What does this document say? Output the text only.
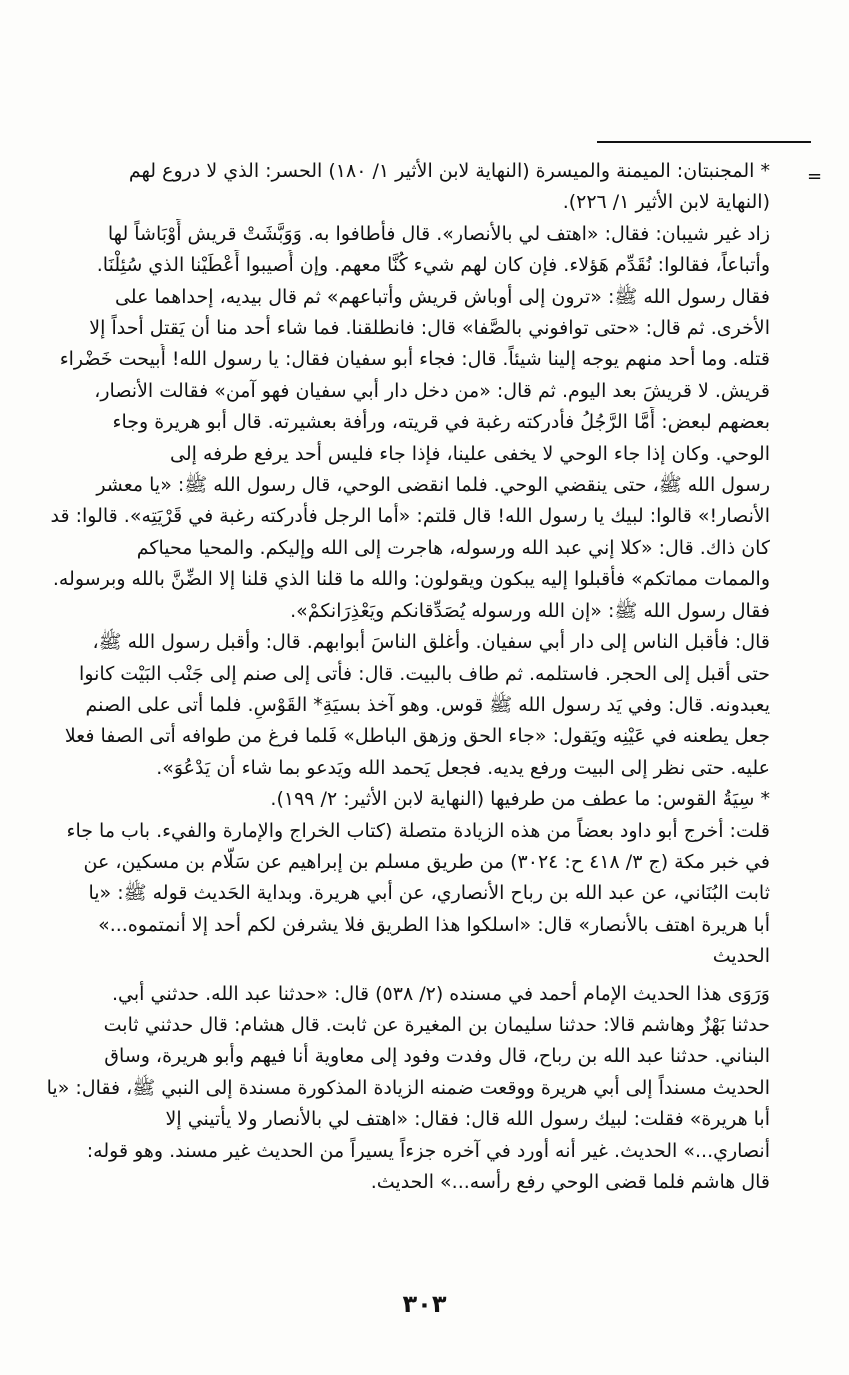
=
* المجنبتان: الميمنة والميسرة (النهاية لابن الأثير ١/ ١٨٠) الحسر: الذي لا دروع لهم
(النهاية لابن الأثير ١/ ٢٢٦).
زاد غير شيبان: فقال: «اهتف لي بالأنصار». قال فأطافوا به. وَوَبَّشَتْ قريش أَوْبَاشاً لها
وأتباعاً، فقالوا: نُقَدِّم هَؤلاء. فإن كان لهم شيء كُنَّا معهم. وإن أُصيبوا أَعْطَيْنا الذي سُئِلْنَا.
فقال رسول الله ﷺ: «ترون إلى أوباش قريش وأتباعهم» ثم قال بيديه، إحداهما على
الأخرى. ثم قال: «حتى توافوني بالصَّفا» قال: فانطلقنا. فما شاء أحد منا أن يَقتل أحداً إلا
قتله. وما أحد منهم يوجه إلينا شيئاً. قال: فجاء أبو سفيان فقال: يا رسول الله! أُبيحت خَضْراء
قريش. لا قريشَ بعد اليوم. ثم قال: «من دخل دار أبي سفيان فهو آمن» فقالت الأنصار،
بعضهم لبعض: أَمَّا الرَّجُلُ فأدركته رغبة في قريته، ورأفة بعشيرته. قال أبو هريرة وجاء
الوحي. وكان إذا جاء الوحي لا يخفى علينا، فإذا جاء فليس أحد يرفع طرفه إلى
رسول الله ﷺ، حتى ينقضي الوحي. فلما انقضى الوحي، قال رسول الله ﷺ: «يا معشر
الأنصار!» قالوا: لبيك يا رسول الله! قال قلتم: «أما الرجل فأدركته رغبة في قَرْيَتِه». قالوا: قد
كان ذاك. قال: «كلا إني عبد الله ورسوله، هاجرت إلى الله وإليكم. والمحيا محياكم
والممات مماتكم» فأقبلوا إليه يبكون ويقولون: والله ما قلنا الذي قلنا إلا الضِّنَّ بالله وبرسوله.
فقال رسول الله ﷺ: «إن الله ورسوله يُصَدِّقانكم ويَعْذِرَانكمْ».
قال: فأقبل الناس إلى دار أبي سفيان. وأغلق الناسَ أبوابهم. قال: وأقبل رسول الله ﷺ،
حتى أقبل إلى الحجر. فاستلمه. ثم طاف بالبيت. قال: فأتى إلى صنم إلى جَنْب البَيْت كانوا
يعبدونه. قال: وفي يَد رسول الله ﷺ قوس. وهو آخذ بسيَةِ* القَوْسِ. فلما أتى على الصنم
جعل يطعنه في عَيْنِه ويَقول: «جاء الحق وزهق الباطل» فَلما فرغ من طوافه أتى الصفا فعلا
عليه. حتى نظر إلى البيت ورفع يديه. فجعل يَحمد الله ويَدعو بما شاء أن يَدْعُوَ».
* سِيَةُ القوس: ما عطف من طرفيها (النهاية لابن الأثير: ٢/ ١٩٩).
قلت: أخرج أبو داود بعضاً من هذه الزيادة متصلة (كتاب الخراج والإمارة والفيء. باب ما جاء
في خبر مكة (ج ٣/ ٤١٨ ح: ٣٠٢٤) من طريق مسلم بن إبراهيم عن سَلَّام بن مسكين، عن
ثابت البُنَاني، عن عبد الله بن رباح الأنصاري، عن أبي هريرة. وبداية الحَديث قوله ﷺ: «يا
أبا هريرة اهتف بالأنصار» قال: «اسلكوا هذا الطريق فلا يشرفن لكم أحد إلا أنمتموه...»
الحديث
وَرَوَى هذا الحديث الإمام أحمد في مسنده (٢/ ٥٣٨) قال: «حدثنا عبد الله. حدثني أبي.
حدثنا بَهْزٌ وهاشم قالا: حدثنا سليمان بن المغيرة عن ثابت. قال هشام: قال حدثني ثابت
البناني. حدثنا عبد الله بن رباح، قال وفدت وفود إلى معاوية أنا فيهم وأبو هريرة، وساق
الحديث مسنداً إلى أبي هريرة ووقعت ضمنه الزيادة المذكورة مسندة إلى النبي ﷺ، فقال: «يا
أبا هريرة» فقلت: لبيك رسول الله قال: فقال: «اهتف لي بالأنصار ولا يأتيني إلا
أنصاري...» الحديث. غير أنه أورد في آخره جزءاً يسيراً من الحديث غير مسند. وهو قوله:
قال هاشم فلما قضى الوحي رفع رأسه...» الحديث.
٣٠٣
